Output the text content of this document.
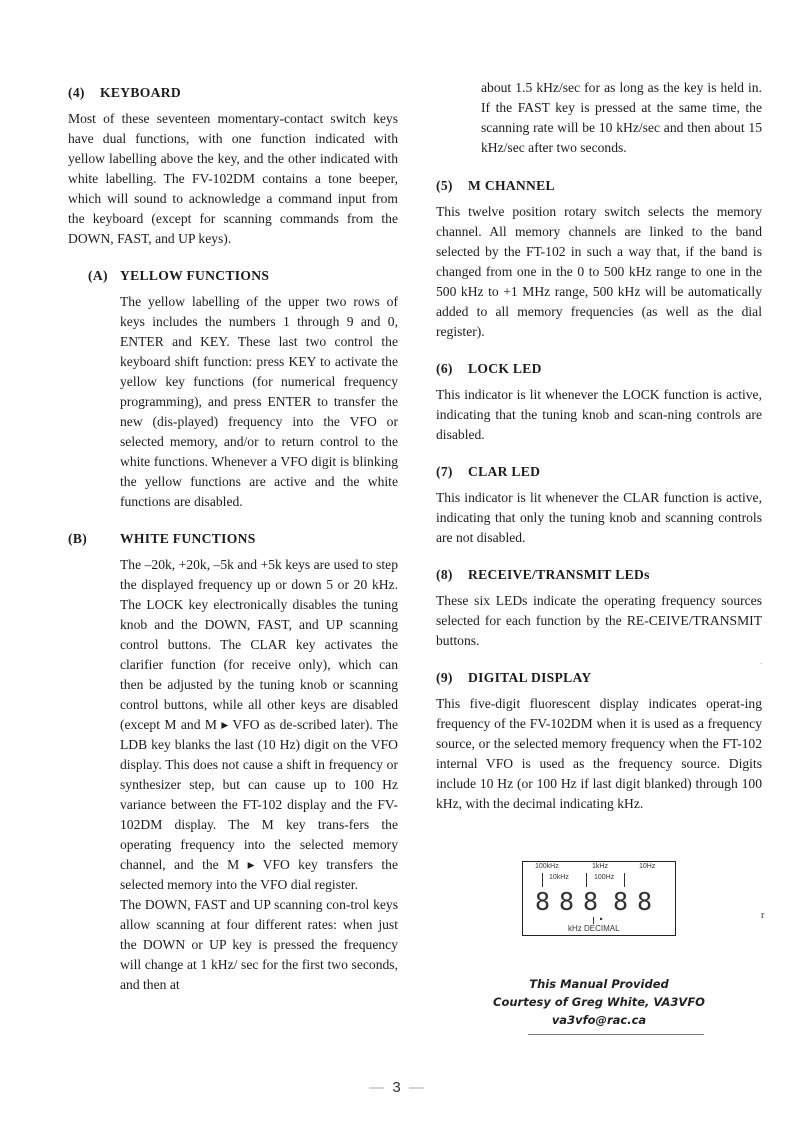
(4) KEYBOARD

Most of these seventeen momentary-contact switch keys have dual functions, with one function indicated with yellow labelling above the key, and the other indicated with white labelling. The FV-102DM contains a tone beeper, which will sound to acknowledge a command input from the keyboard (except for scanning commands from the DOWN, FAST, and UP keys).

(A) YELLOW FUNCTIONS

The yellow labelling of the upper two rows of keys includes the numbers 1 through 9 and 0, ENTER and KEY. These last two control the keyboard shift function: press KEY to activate the yellow key functions (for numerical frequency programming), and press ENTER to transfer the new (dis-played) frequency into the VFO or selected memory, and/or to return control to the white functions. Whenever a VFO digit is blinking the yellow functions are active and the white functions are disabled.

(B) WHITE FUNCTIONS

The –20k, +20k, –5k and +5k keys are used to step the displayed frequency up or down 5 or 20 kHz. The LOCK key electronically disables the tuning knob and the DOWN, FAST, and UP scanning control buttons. The CLAR key activates the clarifier function (for receive only), which can then be adjusted by the tuning knob or scanning control buttons, while all other keys are disabled (except M and M ▸ VFO as de-scribed later). The LDB key blanks the last (10 Hz) digit on the VFO display. This does not cause a shift in frequency or synthesizer step, but can cause up to 100 Hz variance between the FT-102 display and the FV-102DM display. The M key trans-fers the operating frequency into the selected memory channel, and the M ▸ VFO key transfers the selected memory into the VFO dial register.

The DOWN, FAST and UP scanning con-trol keys allow scanning at four different rates: when just the DOWN or UP key is pressed the frequency will change at 1 kHz/ sec for the first two seconds, and then at

about 1.5 kHz/sec for as long as the key is held in. If the FAST key is pressed at the same time, the scanning rate will be 10 kHz/sec and then about 15 kHz/sec after two seconds.

(5) M CHANNEL

This twelve position rotary switch selects the memory channel. All memory channels are linked to the band selected by the FT-102 in such a way that, if the band is changed from one in the 0 to 500 kHz range to one in the 500 kHz to +1 MHz range, 500 kHz will be automatically added to all memory frequencies (as well as the dial register).

(6) LOCK LED

This indicator is lit whenever the LOCK function is active, indicating that the tuning knob and scan-ning controls are disabled.

(7) CLAR LED

This indicator is lit whenever the CLAR function is active, indicating that only the tuning knob and scanning controls are not disabled.

(8) RECEIVE/TRANSMIT LEDs

These six LEDs indicate the operating frequency sources selected for each function by the RE-CEIVE/TRANSMIT buttons.

(9) DIGITAL DISPLAY

This five-digit fluorescent display indicates operat-ing frequency of the FV-102DM when it is used as a frequency source, or the selected memory frequency when the FT-102 internal VFO is used as the frequency source. Digits include 10 Hz (or 100 Hz if last digit blanked) through 100 kHz, with the decimal indicating kHz.

.
100kHz	1kHz	10Hz
10kHz	100Hz
8 8 8 . 8 8
kHz DECIMAL
r
This Manual Provided
Courtesy of Greg White, VA3VFO
va3vfo@rac.ca
— 3 —
